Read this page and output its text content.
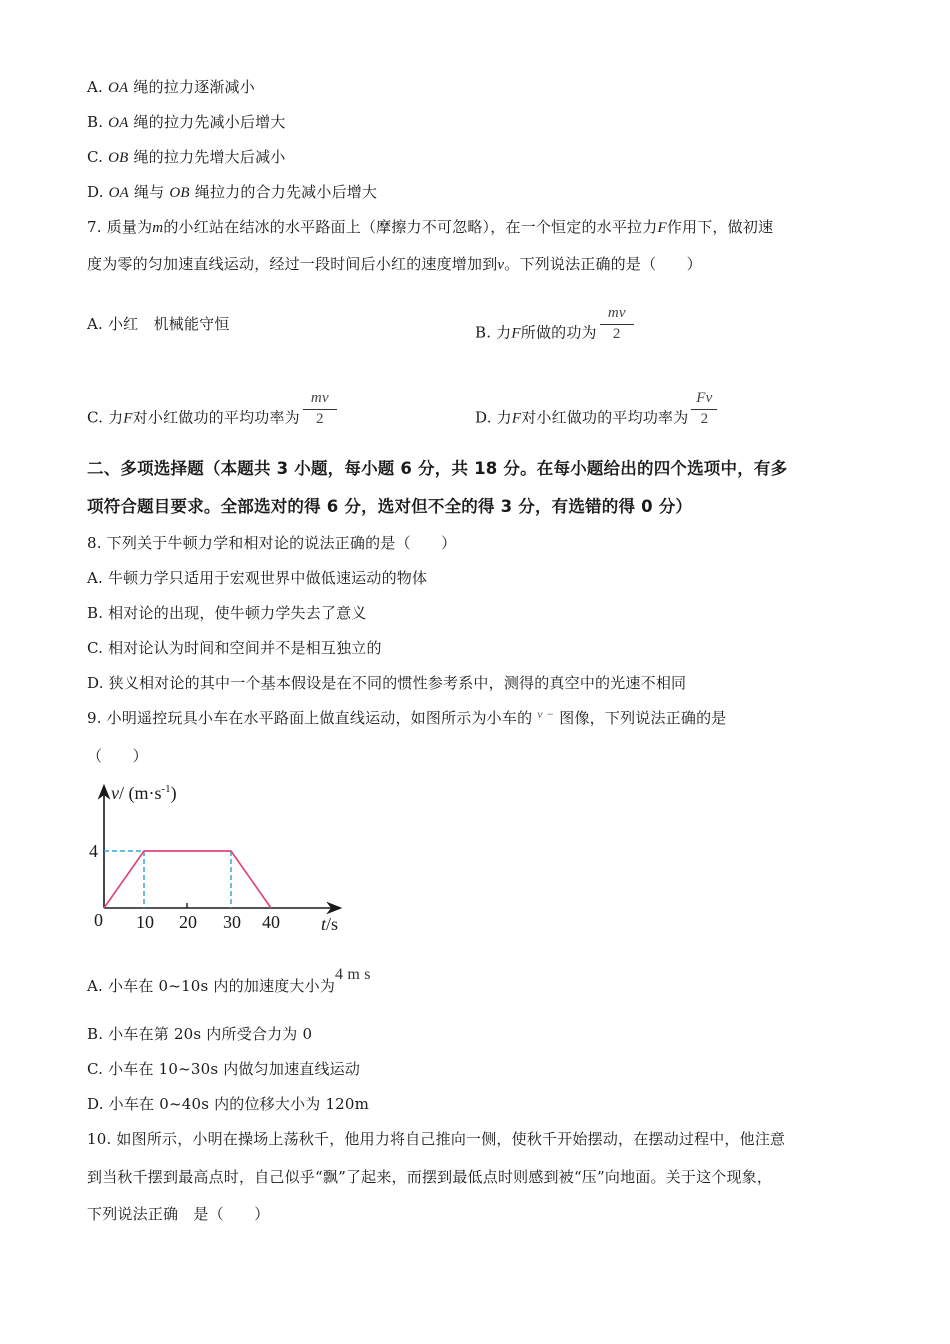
A. OA 绳的拉力逐渐减小
B. OA 绳的拉力先减小后增大
C. OB 绳的拉力先增大后减小
D. OA 绳与 OB 绳拉力的合力先减小后增大
7. 质量为m的小红站在结冰的水平路面上（摩擦力不可忽略），在一个恒定的水平拉力F作用下，做初速
度为零的匀加速直线运动，经过一段时间后小红的速度增加到v。下列说法正确的是（　　）
A. 小红　机械能守恒	B. 力F所做的功为 $\frac{mv}{2}$
C. 力F对小红做功的平均功率为 $\frac{mv}{2}$	D. 力F对小红做功的平均功率为 $\frac{Fv}{2}$
二、多项选择题（本题共 3 小题，每小题 6 分，共 18 分。在每小题给出的四个选项中，有多
项符合题目要求。全部选对的得 6 分，选对但不全的得 3 分，有选错的得 0 分）
8. 下列关于牛顿力学和相对论的说法正确的是（　　）
A. 牛顿力学只适用于宏观世界中做低速运动的物体
B. 相对论的出现，使牛顿力学失去了意义
C. 相对论认为时间和空间并不是相互独立的
D. 狭义相对论的其中一个基本假设是在不同的惯性参考系中，测得的真空中的光速不相同
9. 小明遥控玩具小车在水平路面上做直线运动，如图所示为小车的 $^{v -}$ 图像，下列说法正确的是
（　　）
v/ $(m\cdot s^{-1})$
4
0 10 20 30 40 t/s
A. 小车在 0~10s 内的加速度大小为4 m s
B. 小车在第 20s 内所受合力为 0
C. 小车在 10~30s 内做匀加速直线运动
D. 小车在 0~40s 内的位移大小为 120m
10. 如图所示，小明在操场上荡秋千，他用力将自己推向一侧，使秋千开始摆动，在摆动过程中，他注意
到当秋千摆到最高点时，自己似乎“飘”了起来，而摆到最低点时则感到被“压”向地面。关于这个现象，
下列说法正确　是（　　）
